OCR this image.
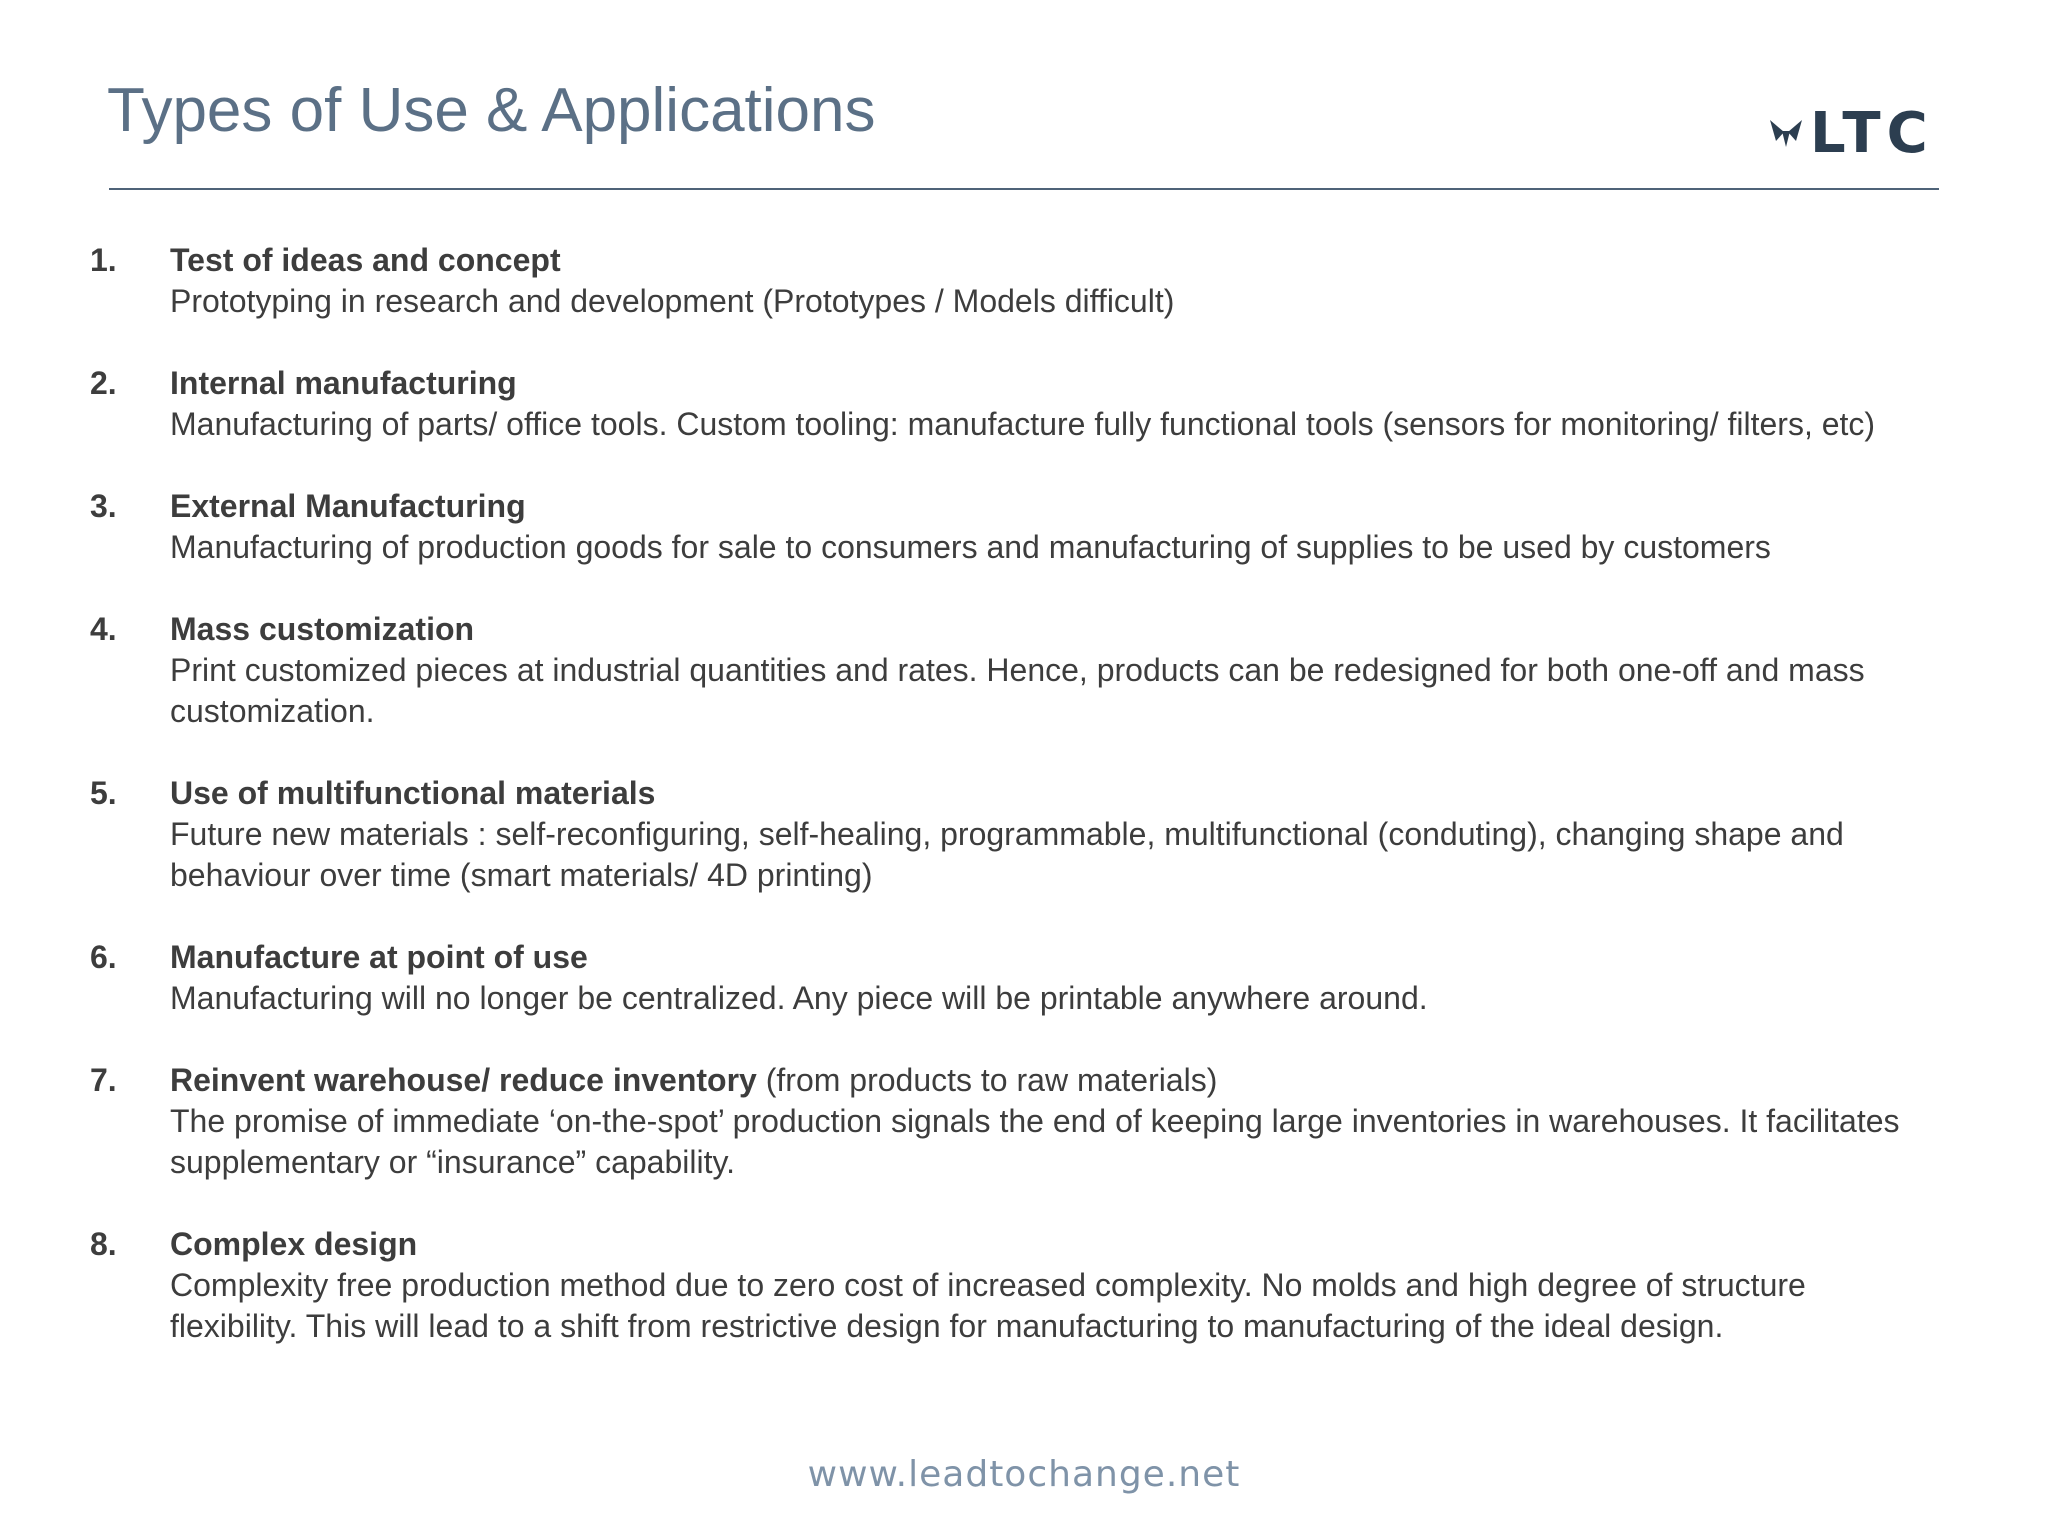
Types of Use & Applications	LTC
1. Test of ideas and concept
Prototyping in research and development (Prototypes / Models difficult)
2. Internal manufacturing
Manufacturing of parts/ office tools. Custom tooling: manufacture fully functional tools (sensors for monitoring/ filters, etc)
3. External Manufacturing
Manufacturing of production goods for sale to consumers and manufacturing of supplies to be used by customers
4. Mass customization
Print customized pieces at industrial quantities and rates. Hence, products can be redesigned for both one-off and mass customization.
5. Use of multifunctional materials
Future new materials : self-reconfiguring, self-healing, programmable, multifunctional (conduting), changing shape and behaviour over time (smart materials/ 4D printing)
6. Manufacture at point of use
Manufacturing will no longer be centralized. Any piece will be printable anywhere around.
7. Reinvent warehouse/ reduce inventory (from products to raw materials)
The promise of immediate ‘on-the-spot’ production signals the end of keeping large inventories in warehouses. It facilitates supplementary or “insurance” capability.
8. Complex design
Complexity free production method due to zero cost of increased complexity. No molds and high degree of structure flexibility. This will lead to a shift from restrictive design for manufacturing to manufacturing of the ideal design.
www.leadtochange.net
